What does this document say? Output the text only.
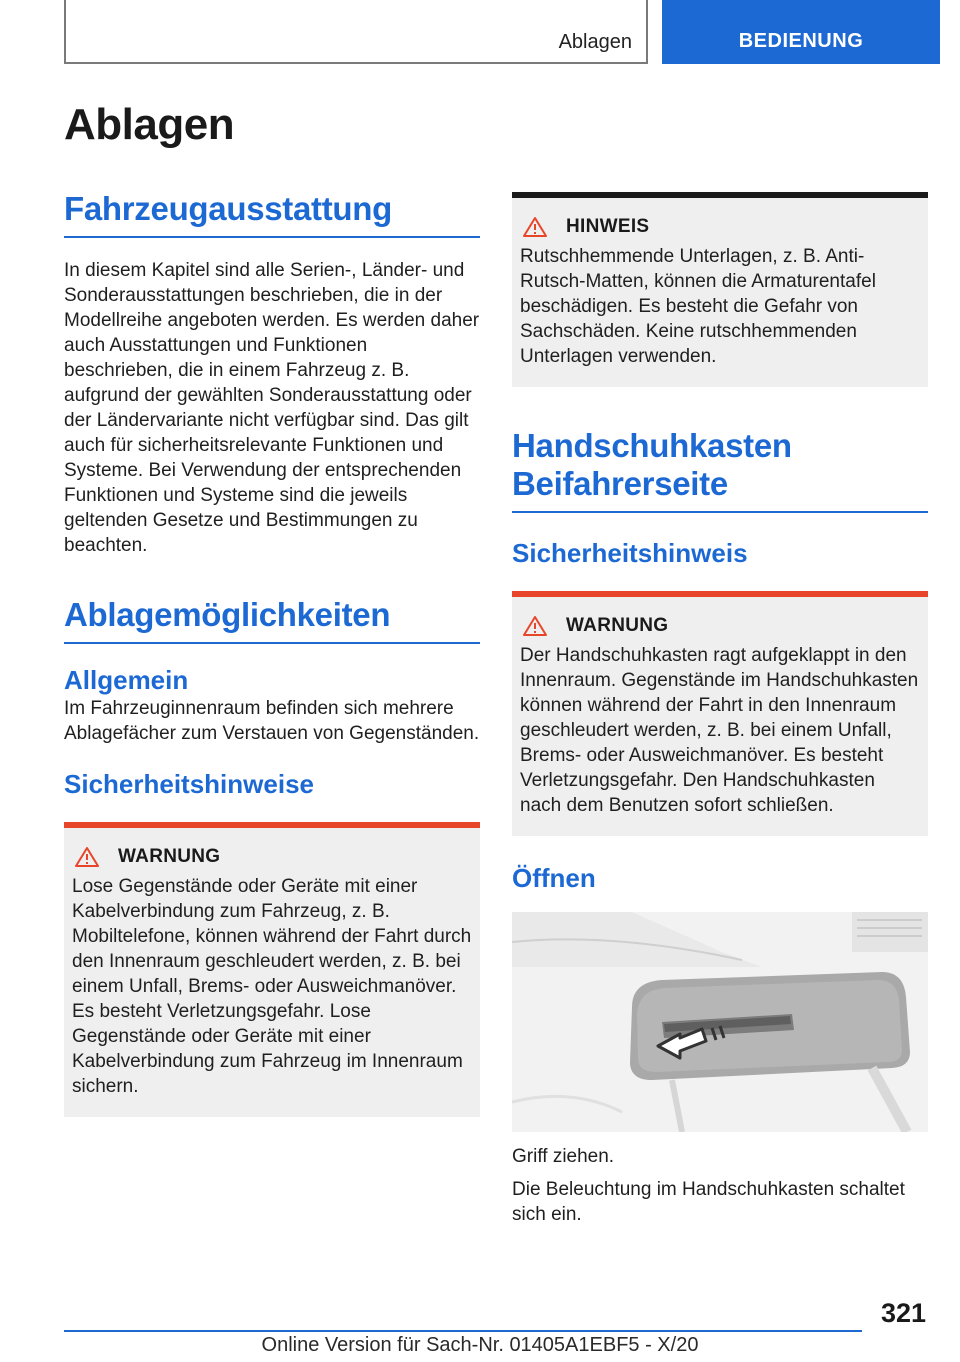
Ablagen	BEDIENUNG
Ablagen
Fahrzeugausstattung

In diesem Kapitel sind alle Serien-, Länder- und Sonderausstattungen beschrieben, die in der Modellreihe angeboten werden. Es werden daher auch Ausstattungen und Funktionen beschrieben, die in einem Fahrzeug z. B. aufgrund der gewählten Sonderausstattung oder der Ländervariante nicht verfügbar sind. Das gilt auch für sicherheitsrelevante Funktionen und Systeme. Bei Verwendung der entsprechenden Funktionen und Systeme sind die jeweils geltenden Gesetze und Bestimmungen zu beachten.

Ablagemöglichkeiten
Allgemein

Im Fahrzeuginnenraum befinden sich mehrere Ablagefächer zum Verstauen von Gegenständen.

Sicherheitshinweise
WARNUNG

Lose Gegenstände oder Geräte mit einer Kabelverbindung zum Fahrzeug, z. B. Mobiltelefone, können während der Fahrt durch den Innenraum geschleudert werden, z. B. bei einem Unfall, Brems- oder Ausweichmanöver. Es besteht Verletzungsgefahr. Lose Gegenstände oder Geräte mit einer Kabelverbindung zum Fahrzeug im Innenraum sichern.

HINWEIS

Rutschhemmende Unterlagen, z. B. Anti-Rutsch-Matten, können die Armaturentafel beschädigen. Es besteht die Gefahr von Sachschäden. Keine rutschhemmenden Unterlagen verwenden.

Handschuhkasten Beifahrerseite
Sicherheitshinweis
WARNUNG

Der Handschuhkasten ragt aufgeklappt in den Innenraum. Gegenstände im Handschuhkasten können während der Fahrt in den Innenraum geschleudert werden, z. B. bei einem Unfall, Brems- oder Ausweichmanöver. Es besteht Verletzungsgefahr. Den Handschuhkasten nach dem Benutzen sofort schließen.

Öffnen

Griff ziehen.

Die Beleuchtung im Handschuhkasten schaltet sich ein.

321
Online Version für Sach-Nr. 01405A1EBF5 - X/20
